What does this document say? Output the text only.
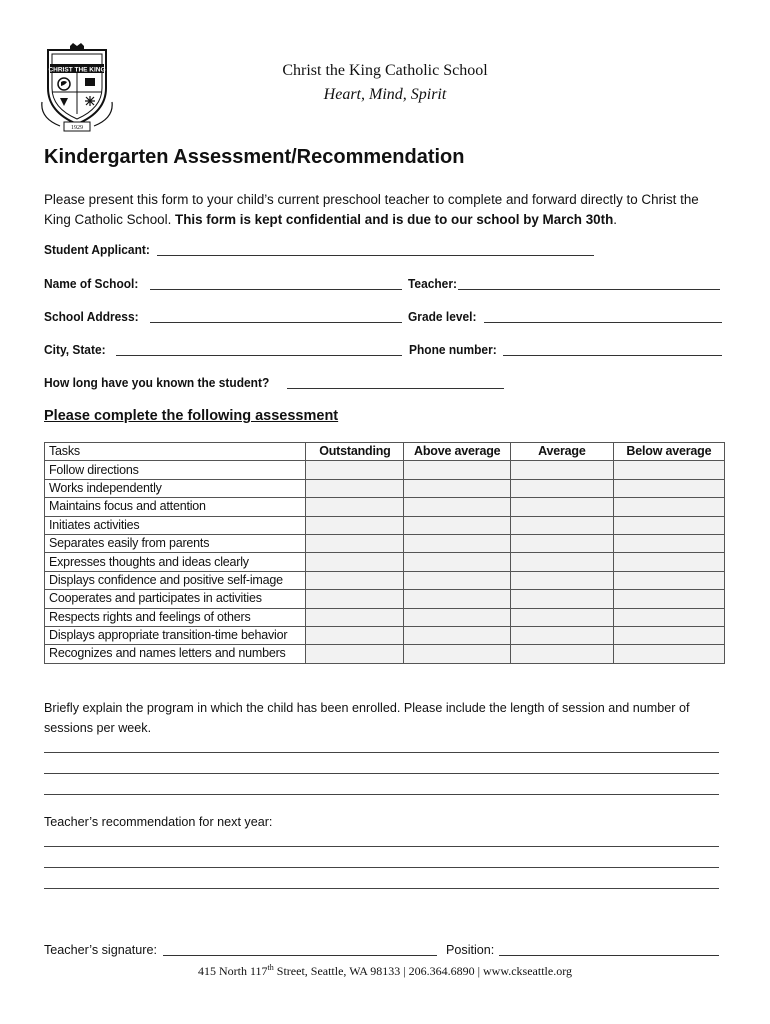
CHRIST THE KING
1929
Christ the King Catholic School
Heart, Mind, Spirit
Kindergarten Assessment/Recommendation
Please present this form to your child’s current preschool teacher to complete and forward directly to Christ the King Catholic School. This form is kept confidential and is due to our school by March 30th.
Student Applicant:
Name of School:	Teacher:
School Address:	Grade level:
City, State:	Phone number:
How long have you known the student?
Please complete the following assessment
Tasks	Outstanding	Above average	Average	Below average
Follow directions				
Works independently				
Maintains focus and attention				
Initiates activities				
Separates easily from parents				
Expresses thoughts and ideas clearly				
Displays confidence and positive self-image				
Cooperates and participates in activities				
Respects rights and feelings of others				
Displays appropriate transition-time behavior				
Recognizes and names letters and numbers				
Briefly explain the program in which the child has been enrolled. Please include the length of session and number of sessions per week.
Teacher’s recommendation for next year:
Teacher’s signature:	Position:
415 North 117th Street, Seattle, WA 98133 | 206.364.6890 | www.ckseattle.org
